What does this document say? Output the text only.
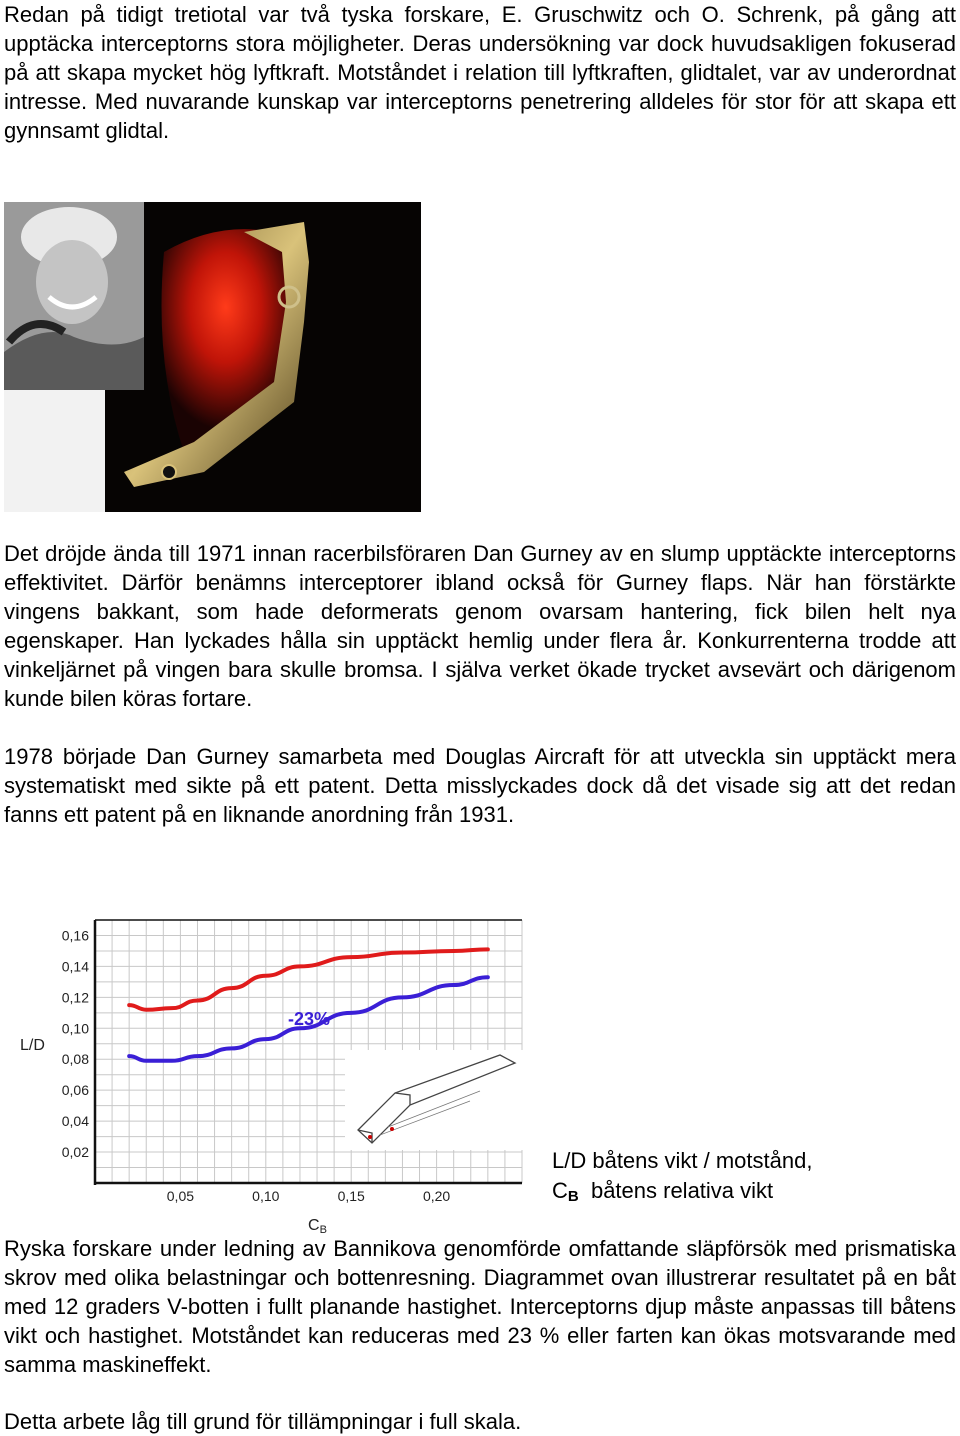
Redan på tidigt tretiotal var två tyska forskare, E. Gruschwitz och O. Schrenk, på gång att upptäcka interceptorns stora möjligheter. Deras undersökning var dock huvudsakligen fokuserad på att skapa mycket hög lyftkraft. Motståndet i relation till lyftkraften, glidtalet, var av underordnat intresse. Med nuvarande kunskap var interceptorns penetrering alldeles för stor för att skapa ett gynnsamt glidtal.

Det dröjde ända till 1971 innan racerbilsföraren Dan Gurney av en slump upptäckte interceptorns effektivitet. Därför benämns interceptorer ibland också för Gurney flaps. När han förstärkte vingens bakkant, som hade deformerats genom ovarsam hantering, fick bilen helt nya egenskaper. Han lyckades hålla sin upptäckt hemlig under flera år. Konkurrenterna trodde att vinkeljärnet på vingen bara skulle bromsa. I själva verket ökade trycket avsevärt och därigenom kunde bilen köras fortare.

1978 började Dan Gurney samarbeta med Douglas Aircraft för att utveckla sin upptäckt mera systematiskt med sikte på ett patent. Detta misslyckades dock då det visade sig att det redan fanns ett patent på en liknande anordning från 1931.

0,02
0,04
0,06
0,08
0,10
0,12
0,14
0,16
0,05	0,10	0,15	0,20
-23%
L/D
CB
L/D båtens vikt / motstånd,
$C_B$  båtens relativa vikt

Ryska forskare under ledning av Bannikova genomförde omfattande släpförsök med prismatiska skrov med olika belastningar och bottenresning. Diagrammet ovan illustrerar resultatet på en båt med 12 graders V-botten i fullt planande hastighet. Interceptorns djup måste anpassas till båtens vikt och hastighet. Motståndet kan reduceras med 23 % eller farten kan ökas motsvarande med samma maskineffekt.

Detta arbete låg till grund för tillämpningar i full skala.
